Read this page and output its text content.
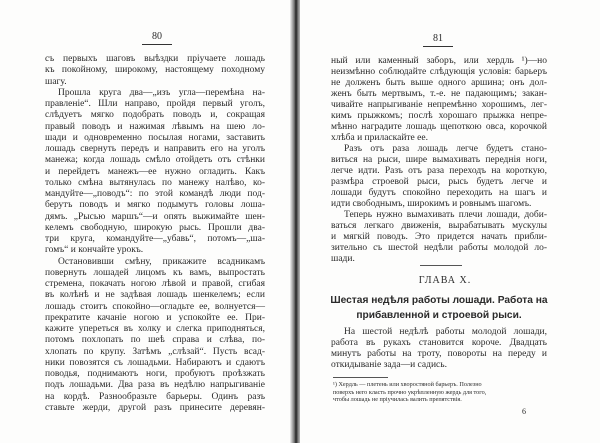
80	81
съ первыхъ шаговъ выѣздки пріучаете лошадь
къ покойному, широкому, настоящему походному
шагу.
Прошла круга два—„изъ угла—перемѣна на-
правленіе“. Шли направо, пройдя первый уголъ,
слѣдуетъ мягко подобрать поводъ и, сокращая
правый поводъ и нажимая лѣвымъ на шею ло-
шади и одновременно посылая ногами, заставить
лошадь свернуть передъ и направить его на уголъ
манежа; когда лошадь смѣло отойдетъ отъ стѣнки
и перейдетъ манежъ—ее нужно огладить. Какъ
только смѣна вытянулась по манежу налѣво, ко-
мандуйте—„поводъ“: по этой командѣ люди под-
берутъ поводъ и мягко подымутъ головы лоша-
дямъ. „Рысью маршъ“—и опять выжимайте шен-
келемъ свободную, широкую рысь. Прошли два-
три круга, командуйте—„убавь“, потомъ—„ша-
гомъ“ и кончайте урокъ.
Остановивши смѣну, прикажите всадникамъ
повернуть лошадей лицомъ къ вамъ, выпростать
стремена, покачать ногою лѣвой и правой, сгибая
въ колѣнѣ и не задѣвая лошадь шенкелемъ; если
лошадь стоитъ спокойно—огладьте ее, волнуется—
прекратите качаніе ногою и успокойте ее. При-
кажите упереться въ холку и слегка приподняться,
потомъ похлопать по шеѣ справа и слѣва, по-
хлопать по крупу. Затѣмъ „слѣзай“. Пусть всад-
ники повозятся съ лошадьми. Набираютъ и сдаютъ
поводья, поднимаютъ ноги, пробуютъ проѣзжать
подъ лошадьми. Два раза въ недѣлю напрыгиваніе
на кордѣ. Разнообразьте барьеры. Одинъ разъ
ставьте жерди, другой разъ принесите деревян-
ный или каменный заборъ, или хердль ¹)—но
неизмѣнно соблюдайте слѣдующія условія: барьеръ
не долженъ быть выше одного аршина; онъ дол-
женъ быть мертвымъ, т.-е. не падающимъ; закан-
чивайте напрыгиваніе непремѣнно хорошимъ, лег-
кимъ прыжкомъ; послѣ хорошаго прыжка непре-
мѣнно наградите лошадь щепоткою овса, корочкой
хлѣба и приласкайте ее.
Разъ отъ раза лошадь легче будетъ стано-
виться на рыси, шире вымахивать переднія ноги,
легче идти. Разъ отъ раза переходъ на короткую,
размѣра строевой рыси, рысь будетъ легче и
лошади будутъ спокойно переходить на шагъ и
идти свободнымъ, широкимъ и ровнымъ шагомъ.
Теперь нужно вымахивать плечи лошади, доби-
ваться легкаго движенія, вырабатывать мускулы
и мягкій поводъ. Это придется начать прибли-
зительно съ шестой недѣли работы молодой ло-
шади.
ГЛАВА X.
Шестая недѣля работы лошади. Работа на
прибавленной и строевой рыси.
На шестой недѣлѣ работы молодой лошади,
работа въ рукахъ становится короче. Двадцать
минутъ работы на троту, повороты на переду и
откидываніе зада—и садись.
¹) Хердль — плетень или хворостяной барьеръ. Полезно
поверхъ него класть прочно укрѣпленную жердь для того,
чтобы лошадь не пріучилась валить препятствія.
6
